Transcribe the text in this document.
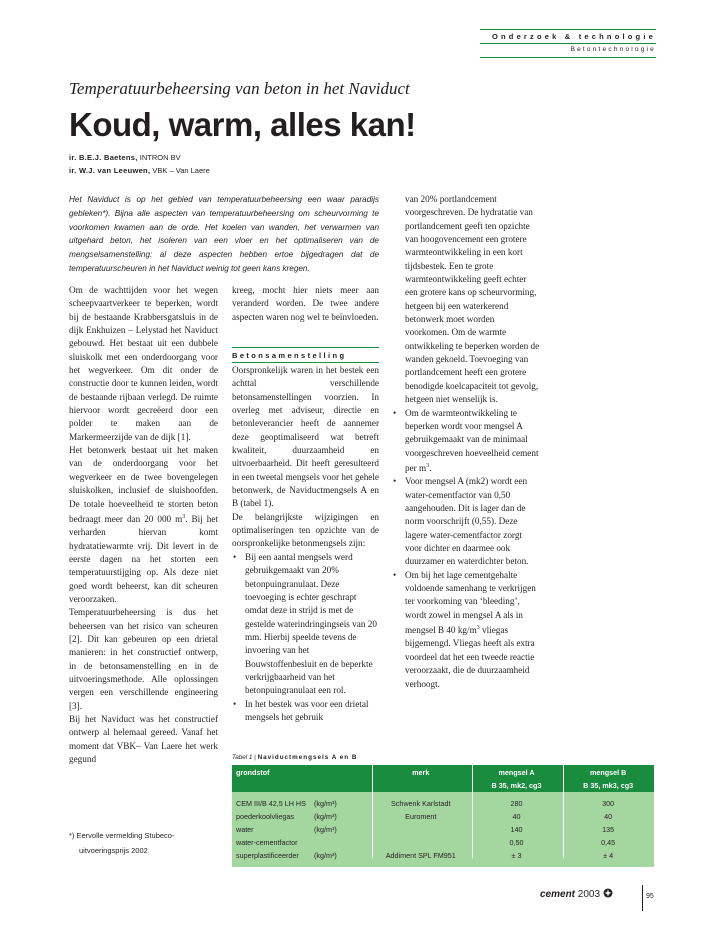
Onderzoek & technologie
Betontechnologie
Temperatuurbeheersing van beton in het Naviduct
Koud, warm, alles kan!
ir. B.E.J. Baetens, INTRON BV
ir. W.J. van Leeuwen, VBK – Van Laere
Het Naviduct is op het gebied van temperatuurbeheersing een waar paradijs gebleken*). Bijna alle aspecten van temperatuurbeheersing om scheurvorming te voorkomen kwamen aan de orde. Het koelen van wanden, het verwarmen van uitgehard beton, het isoleren van een vloer en het optimaliseren van de mengselsamenstelling: al deze aspecten hebben ertoe bijgedragen dat de temperatuurscheuren in het Naviduct weinig tot geen kans kregen.

Om de wachttijden voor het wegen scheepvaartverkeer te beperken, wordt bij de bestaande Krabbersgatsluis in de dijk Enkhuizen – Lelystad het Naviduct gebouwd. Het bestaat uit een dubbele sluiskolk met een onderdoorgang voor het wegverkeer. Om dit onder de constructie door te kunnen leiden, wordt de bestaande rijbaan verlegd. De ruimte hiervoor wordt gecreëerd door een polder te maken aan de Markermeerzijde van de dijk [1].

Het betonwerk bestaat uit het maken van de onderdoorgang voor het wegverkeer en de twee bovengelegen sluiskolken, inclusief de sluishoofden. De totale hoeveelheid te storten beton bedraagt meer dan 20 000 $m^3$. Bij het verharden hiervan komt hydratatiewarmte vrij. Dit levert in de eerste dagen na het storten een temperatuurstijging op. Als deze niet goed wordt beheerst, kan dit scheuren veroorzaken.

Temperatuurbeheersing is dus het beheersen van het risico van scheuren [2]. Dit kan gebeuren op een drietal manieren: in het constructief ontwerp, in de betonsamenstelling en in de uitvoeringsmethode. Alle oplossingen vergen een verschillende engineering [3].

Bij het Naviduct was het constructief ontwerp al helemaal gereed. Vanaf het moment dat VBK– Van Laere het werk gegund

*) Eervolle vermelding Stubeco-
uitvoeringsprijs 2002

kreeg, mocht hier niets meer aan veranderd worden. De twee andere aspecten waren nog wel te beïnvloeden.

Betonsamenstelling

Oorspronkelijk waren in het bestek een achttal verschillende betonsamenstellingen voorzien. In overleg met adviseur, directie en betonleverancier heeft de aannemer deze geoptimaliseerd wat betreft kwaliteit, duurzaamheid en uitvoerbaarheid. Dit heeft geresulteerd in een tweetal mengsels voor het gehele betonwerk, de Naviductmengsels A en B (tabel 1).

De belangrijkste wijzigingen en optimaliseringen ten opzichte van de oorspronkelijke betonmengsels zijn:

• Bij een aantal mengsels werd gebruikgemaakt van 20% betonpuingranulaat. Deze toevoeging is echter geschrapt omdat deze in strijd is met de gestelde waterindringingseis van 20 mm. Hierbij speelde tevens de invoering van het Bouwstoffenbesluit en de beperkte verkrijgbaarheid van het betonpuingranulaat een rol.
• In het bestek was voor een drietal mengsels het gebruik

van 20% portlandcement voorgeschreven. De hydratatie van portlandcement geeft ten opzichte van hoogovencement een grotere warmteontwikkeling in een kort tijdsbestek. Een te grote warmteontwikkeling geeft echter een grotere kans op scheurvorming, hetgeen bij een waterkerend betonwerk moet worden voorkomen. Om de warmte ontwikkeling te beperken worden de wanden gekoeld. Toevoeging van portlandcement heeft een grotere benodigde koelcapaciteit tot gevolg, hetgeen niet wenselijk is.

• Om de warmteontwikkeling te beperken wordt voor mengsel A gebruikgemaakt van de minimaal voorgeschreven hoeveelheid cement per $m^3$.
• Voor mengsel A (mk2) wordt een water-cementfactor van 0,50 aangehouden. Dit is lager dan de norm voorschrijft (0,55). Deze lagere water-cementfactor zorgt voor dichter en daarmee ook duurzamer en waterdichter beton.
• Om bij het lage cementgehalte voldoende samenhang te verkrijgen ter voorkoming van ‘bleeding’, wordt zowel in mengsel A als in mengsel B 40 $kg/m^3$ vliegas bijgemengd. Vliegas heeft als extra voordeel dat het een tweede reactie veroorzaakt, die de duurzaamheid verhoogt.
Tabel 1 | Naviductmengsels A en B
grondstof	merk	mengsel A	mengsel B
		B 35, mk2, cg3	B 35, mk3, cg3

CEM III/B 42,5 LH HS (kg/m³)	Schwenk Karlstadt	280	300
poederkoolvliegas (kg/m³)	Euroment	40	40
water (kg/m³)		140	135
water-cementfactor		0,50	0,45
superplastificeerder (kg/m³)	Addiment SPL FM951	± 3	± 4

cement 2003	95
